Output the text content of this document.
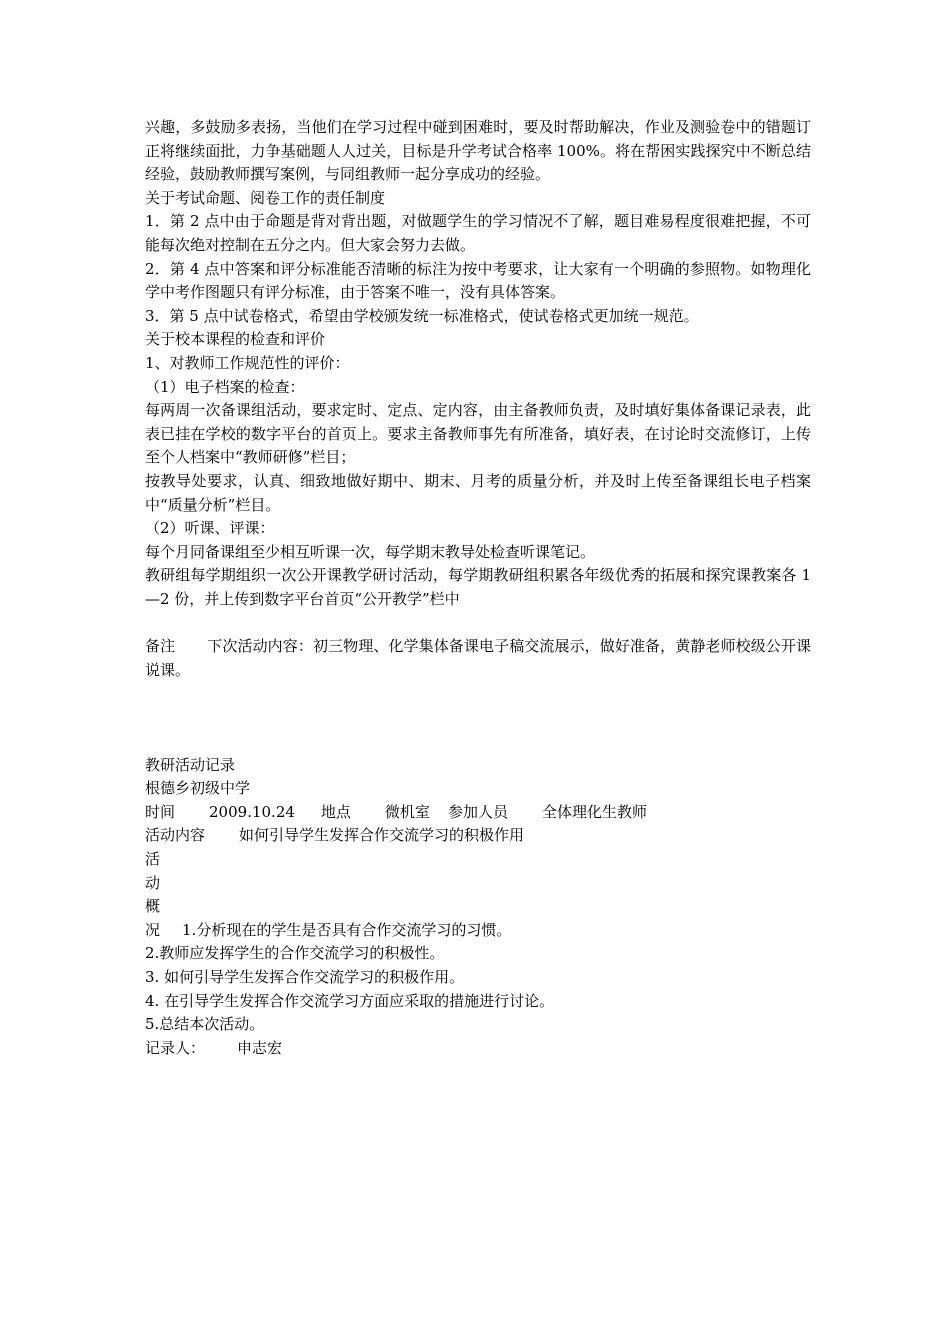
兴趣，多鼓励多表扬，当他们在学习过程中碰到困难时，要及时帮助解决，作业及测验卷中的错题订正将继续面批，力争基础题人人过关，目标是升学考试合格率 100%。将在帮困实践探究中不断总结经验，鼓励教师撰写案例，与同组教师一起分享成功的经验。

关于考试命题、阅卷工作的责任制度

1．第 2 点中由于命题是背对背出题，对做题学生的学习情况不了解，题目难易程度很难把握，不可能每次绝对控制在五分之内。但大家会努力去做。

2．第 4 点中答案和评分标准能否清晰的标注为按中考要求，让大家有一个明确的参照物。如物理化学中考作图题只有评分标准，由于答案不唯一，没有具体答案。

3．第 5 点中试卷格式，希望由学校颁发统一标准格式，使试卷格式更加统一规范。

关于校本课程的检查和评价

1、对教师工作规范性的评价：

（1）电子档案的检查：

每两周一次备课组活动，要求定时、定点、定内容，由主备教师负责，及时填好集体备课记录表，此表已挂在学校的数字平台的首页上。要求主备教师事先有所准备，填好表，在讨论时交流修订，上传至个人档案中“教师研修”栏目；

按教导处要求，认真、细致地做好期中、期末、月考的质量分析，并及时上传至备课组长电子档案中“质量分析”栏目。

（2）听课、评课：

每个月同备课组至少相互听课一次，每学期末教导处检查听课笔记。

教研组每学期组织一次公开课教学研讨活动，每学期教研组积累各年级优秀的拓展和探究课教案各 1—2 份，并上传到数字平台首页“公开教学”栏中

备注 下次活动内容：初三物理、化学集体备课电子稿交流展示，做好准备，黄静老师校级公开课说课。

教研活动记录

根德乡初级中学

时间 2009.10.24 地点 微机室 参加人员 全体理化生教师

活动内容 如何引导学生发挥合作交流学习的积极作用

活

动

概

况 1.分析现在的学生是否具有合作交流学习的习惯。

2.教师应发挥学生的合作交流学习的积极性。

3. 如何引导学生发挥合作交流学习的积极作用。

4. 在引导学生发挥合作交流学习方面应采取的措施进行讨论。

5.总结本次活动。

记录人： 申志宏
